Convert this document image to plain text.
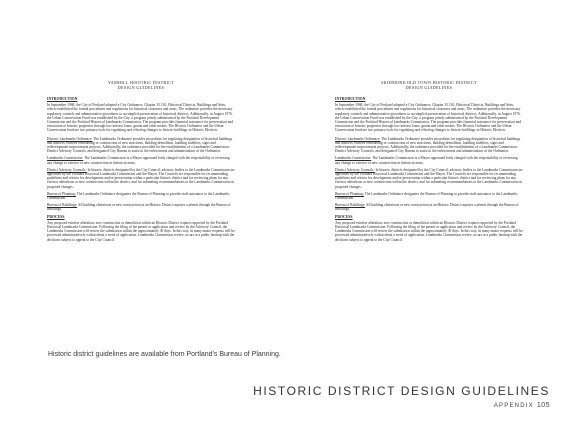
YAMHILL HISTORIC DISTRICT
DESIGN GUIDELINES
INTRODUCTION

In September 1968, the City of Portland adopted a City Ordinance, Chapter 33.120, Historical Districts, Buildings and Sites, which established the formal procedures and regulations for historical structures and areas. The ordinance provides the necessary regulatory controls and administrative procedures to accomplish preservation of historical districts. Additionally, in August 1976, the Urban Conservation Fund was established by the City, a program jointly administered by the Portland Development Commission and the Portland Historical Landmarks Commission. The program provides financial assistance for preservation and restoration of historic properties through low interest loans, grants and other means. The Historic Ordinance and the Urban Conservation fund are two primary tools for regulating and effecting changes to historic buildings in Historic Districts.

Historic Landmarks Ordinance: The Landmarks Ordinance provides procedures for regulating designation of historical buildings and districts, exterior remodeling or construction of new structures, building demolition, building satellites, signs and redevelopment improvement projects. Additionally, the ordinance provided for the establishment of a Landmarks Commission, District Advisory Councils, and designated City Bureau to assist in the enforcement and administration of the Ordinance.

Landmarks Commission: The Landmarks Commission is a Mayor appointed body charged with the responsibility of reviewing any change to exterior or new construction in historical areas.

District Advisory Councils: In historic districts designated by the City Council, advisory bodies to the Landmarks Commission are appointed by the Portland Historical Landmarks Commission and the Mayor. The Councils are responsible for recommending guidelines and criteria for development and/or preservation within a particular historic district and for reviewing plans for any exterior alterations or new construction within the district, and for submitting recommendations to the Landmarks Commission on proposed changes.

Bureau of Planning: The Landmarks Ordinance designates the Bureau of Planning to provide staff assistance to the Landmarks Commission.

Bureau of Buildings: All building alterations or new construction in an Historic District requires a permit through the Bureau of Buildings.

PROCESS

Any proposed exterior alteration, new construction or demolition within an Historic District requires approval by the Portland Historical Landmarks Commission. Following the filing of the permit or application and review by the Advisory Council, the Landmarks Commission will review the submission within the approximately 30 days. In this way, in many minor requests will be processed administratively within about a week of application. Landmarks Commission review occurs at a public hearing with the decisions subject to appeal to the City Council.

SKIDMORE/OLD TOWN HISTORIC DISTRICT
DESIGN GUIDELINES
INTRODUCTION

In September 1968, the City of Portland adopted a City Ordinance, Chapter 33.120, Historical Districts, Buildings and Sites, which established the formal procedures and regulations for historical structures and areas. The ordinance provides the necessary regulatory controls and administrative procedures to accomplish preservation of historical districts. Additionally, in August 1976, the Urban Conservation Fund was established by the City, a program jointly administered by the Portland Development Commission and the Portland Historical Landmarks Commission. The program provides financial assistance for preservation and restoration of historic properties through low interest loans, grants and other means. The Historic Ordinance and the Urban Conservation fund are two primary tools for regulating and effecting changes to historic buildings in Historic Districts.

Historic Landmarks Ordinance: The Landmarks Ordinance provides procedures for regulating designation of historical buildings and districts, exterior remodeling or construction of new structures, building demolition, building satellites, signs and redevelopment improvement projects. Additionally, the ordinance provided for the establishment of a Landmarks Commission, District Advisory Councils, and designated City Bureau to assist in the enforcement and administration of the Ordinance.

Landmarks Commission: The Landmarks Commission is a Mayor appointed body charged with the responsibility of reviewing any change to exterior or new construction in historical areas.

District Advisory Councils: In historic districts designated by the City Council, advisory bodies to the Landmarks Commission are appointed by the Portland Historical Landmarks Commission and the Mayor. The Councils are responsible for recommending guidelines and criteria for development and/or preservation within a particular historic district and for reviewing plans for any exterior alterations or new construction within the district, and for submitting recommendations to the Landmarks Commission on proposed changes.

Bureau of Planning: The Landmarks Ordinance designates the Bureau of Planning to provide staff assistance to the Landmarks Commission.

Bureau of Buildings: All building alterations or new construction in an Historic District requires a permit through the Bureau of Buildings.

PROCESS

Any proposed exterior alteration, new construction or demolition within an Historic District requires approval by the Portland Historical Landmarks Commission. Following the filing of the permit or application and review by the Advisory Council, the Landmarks Commission will review the submission within the approximately 30 days. In this way, in many minor requests will be processed administratively within about a week of application. Landmarks Commission review occurs at a public hearing with the decisions subject to appeal to the City Council.

Historic district guidelines are available from Portland's Bureau of Planning.
HISTORIC DISTRICT DESIGN GUIDELINES
APPENDIX 105
